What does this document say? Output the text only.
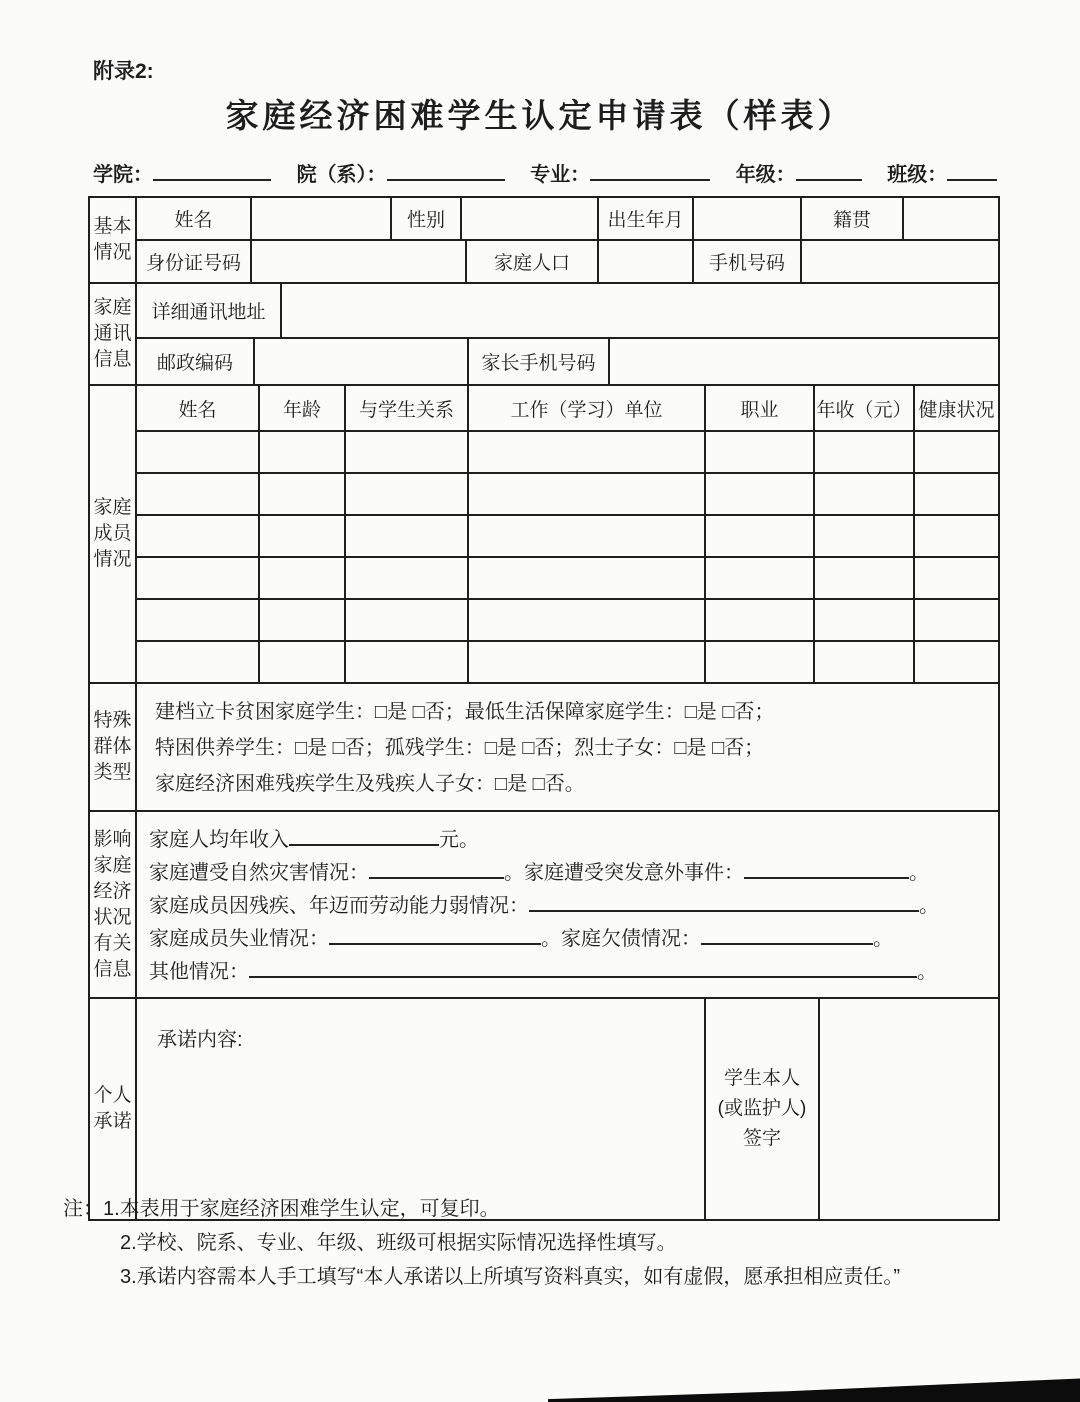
附录2:
家庭经济困难学生认定申请表（样表）
学院：	院（系）：	专业：	年级：	班级：
基本情况
姓名	性别	出生年月	籍贯
身份证号码	家庭人口	手机号码
家庭通讯信息
详细通讯地址
邮政编码	家长手机号码
家庭成员情况
姓名	年龄	与学生关系	工作（学习）单位	职业	年收（元） 健康状况
特殊群体类型
建档立卡贫困家庭学生：□是 □否；最低生活保障家庭学生：□是 □否；
特困供养学生：□是 □否；孤残学生：□是 □否；烈士子女：□是 □否；
家庭经济困难残疾学生及残疾人子女：□是 □否。
影响家庭经济状况有关信息
家庭人均年收入	元。
家庭遭受自然灾害情况：	。家庭遭受突发意外事件：	。
家庭成员因残疾、年迈而劳动能力弱情况：	。
家庭成员失业情况：	。家庭欠债情况：	。
其他情况：	。
个人承诺
承诺内容:
学生本人
(或监护人)
签字
注： 1.本表用于家庭经济困难学生认定，可复印。
2.学校、院系、专业、年级、班级可根据实际情况选择性填写。
3.承诺内容需本人手工填写“本人承诺以上所填写资料真实，如有虚假，愿承担相应责任。”
